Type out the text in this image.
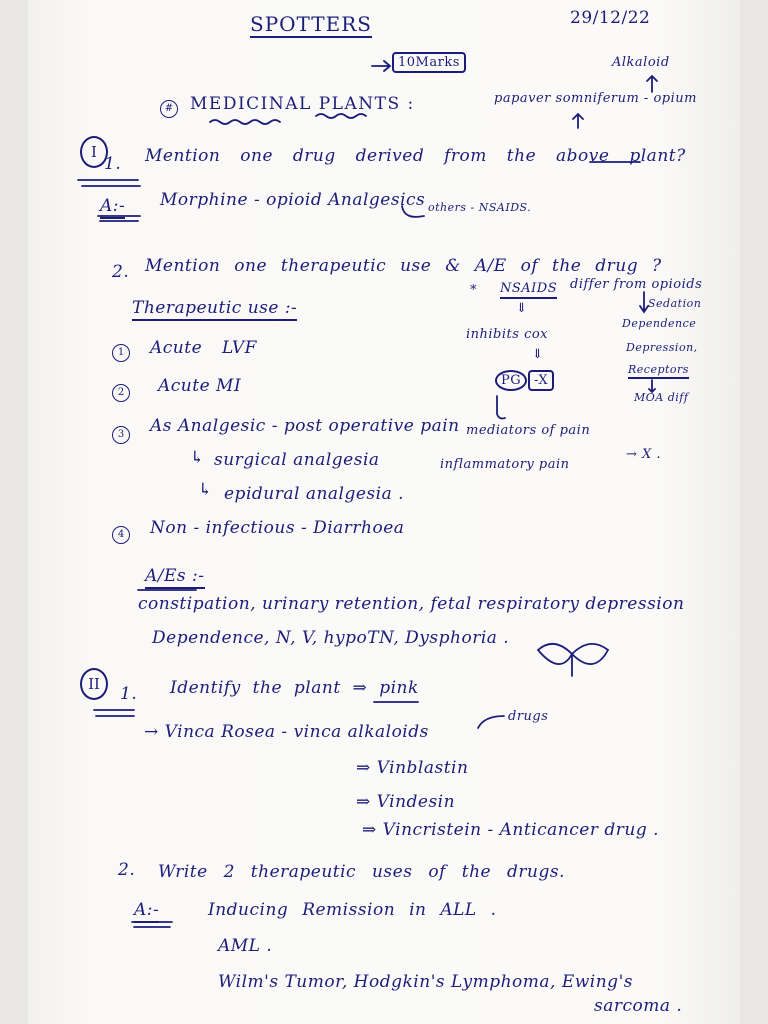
SPOTTERS	29/12/22
10Marks	Alkaloid
# MEDICINAL PLANTS :	papaver somniferum - opium
I
1. Mention one drug derived from the above plant?
A:- Morphine - opioid Analgesics others - NSAIDS.
2. Mention one therapeutic use & A/E of the drug ?
Therapeutic use :-
1	Acute LVF
2	Acute MI
3	As Analgesic - post operative pain
↳ surgical analgesia
↳ epidural analgesia .
4	Non - infectious - Diarrhoea
A/Es :-
constipation, urinary retention, fetal respiratory depression
Dependence, N, V, hypoTN, Dysphoria .
* NSAIDS differ from opioids
⇓
inhibits cox
⇓
PG -X
mediators of pain
inflammatory pain
→ X .
Sedation
Dependence
Depression,
Receptors
MOA diff
II	1. Identify the plant ⇒ pink
→ Vinca Rosea - vinca alkaloids
drugs
⇒ Vinblastin
⇒ Vindesin
⇒ Vincristein - Anticancer drug .
2. Write 2 therapeutic uses of the drugs.
A:-	Inducing Remission in ALL .
AML .
Wilm's Tumor, Hodgkin's Lymphoma, Ewing's
sarcoma .
